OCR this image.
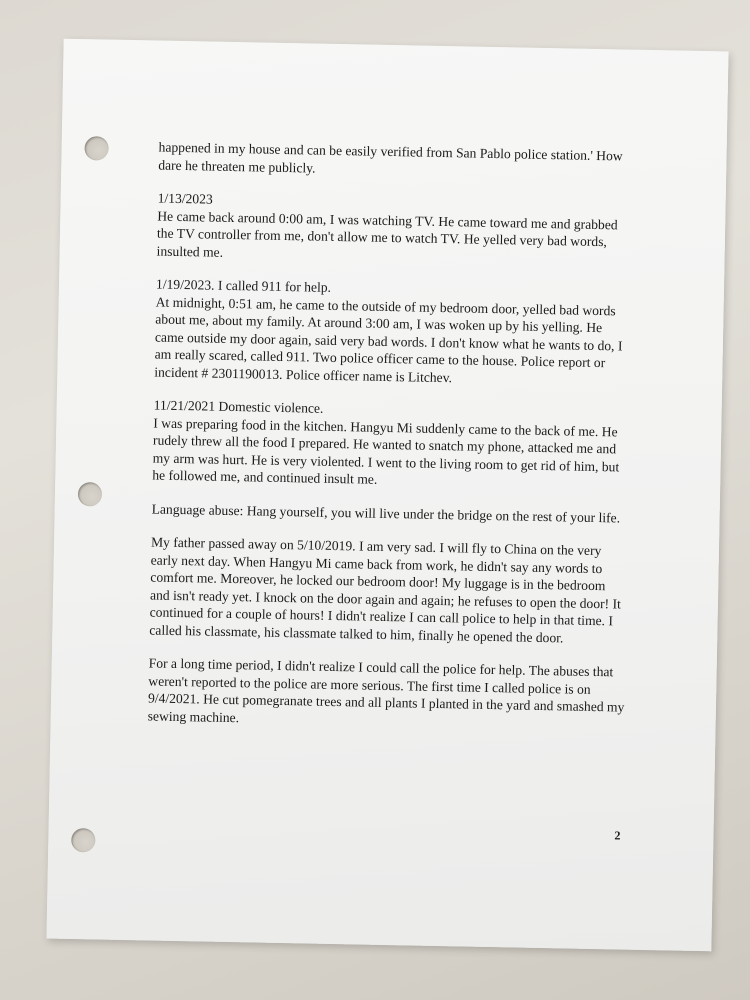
happened in my house and can be easily verified from San Pablo police station.' How dare he threaten me publicly.

1/13/2023
He came back around 0:00 am, I was watching TV. He came toward me and grabbed the TV controller from me, don't allow me to watch TV. He yelled very bad words, insulted me.

1/19/2023. I called 911 for help.
At midnight, 0:51 am, he came to the outside of my bedroom door, yelled bad words about me, about my family. At around 3:00 am, I was woken up by his yelling. He came outside my door again, said very bad words. I don't know what he wants to do, I am really scared, called 911. Two police officer came to the house. Police report or incident # 2301190013. Police officer name is Litchev.

11/21/2021 Domestic violence.
I was preparing food in the kitchen. Hangyu Mi suddenly came to the back of me. He rudely threw all the food I prepared. He wanted to snatch my phone, attacked me and my arm was hurt. He is very violented. I went to the living room to get rid of him, but he followed me, and continued insult me.

Language abuse: Hang yourself, you will live under the bridge on the rest of your life.

My father passed away on 5/10/2019. I am very sad. I will fly to China on the very early next day. When Hangyu Mi came back from work, he didn't say any words to comfort me. Moreover, he locked our bedroom door! My luggage is in the bedroom and isn't ready yet. I knock on the door again and again; he refuses to open the door! It continued for a couple of hours! I didn't realize I can call police to help in that time. I called his classmate, his classmate talked to him, finally he opened the door.

For a long time period, I didn't realize I could call the police for help. The abuses that weren't reported to the police are more serious. The first time I called police is on 9/4/2021. He cut pomegranate trees and all plants I planted in the yard and smashed my sewing machine.

2
